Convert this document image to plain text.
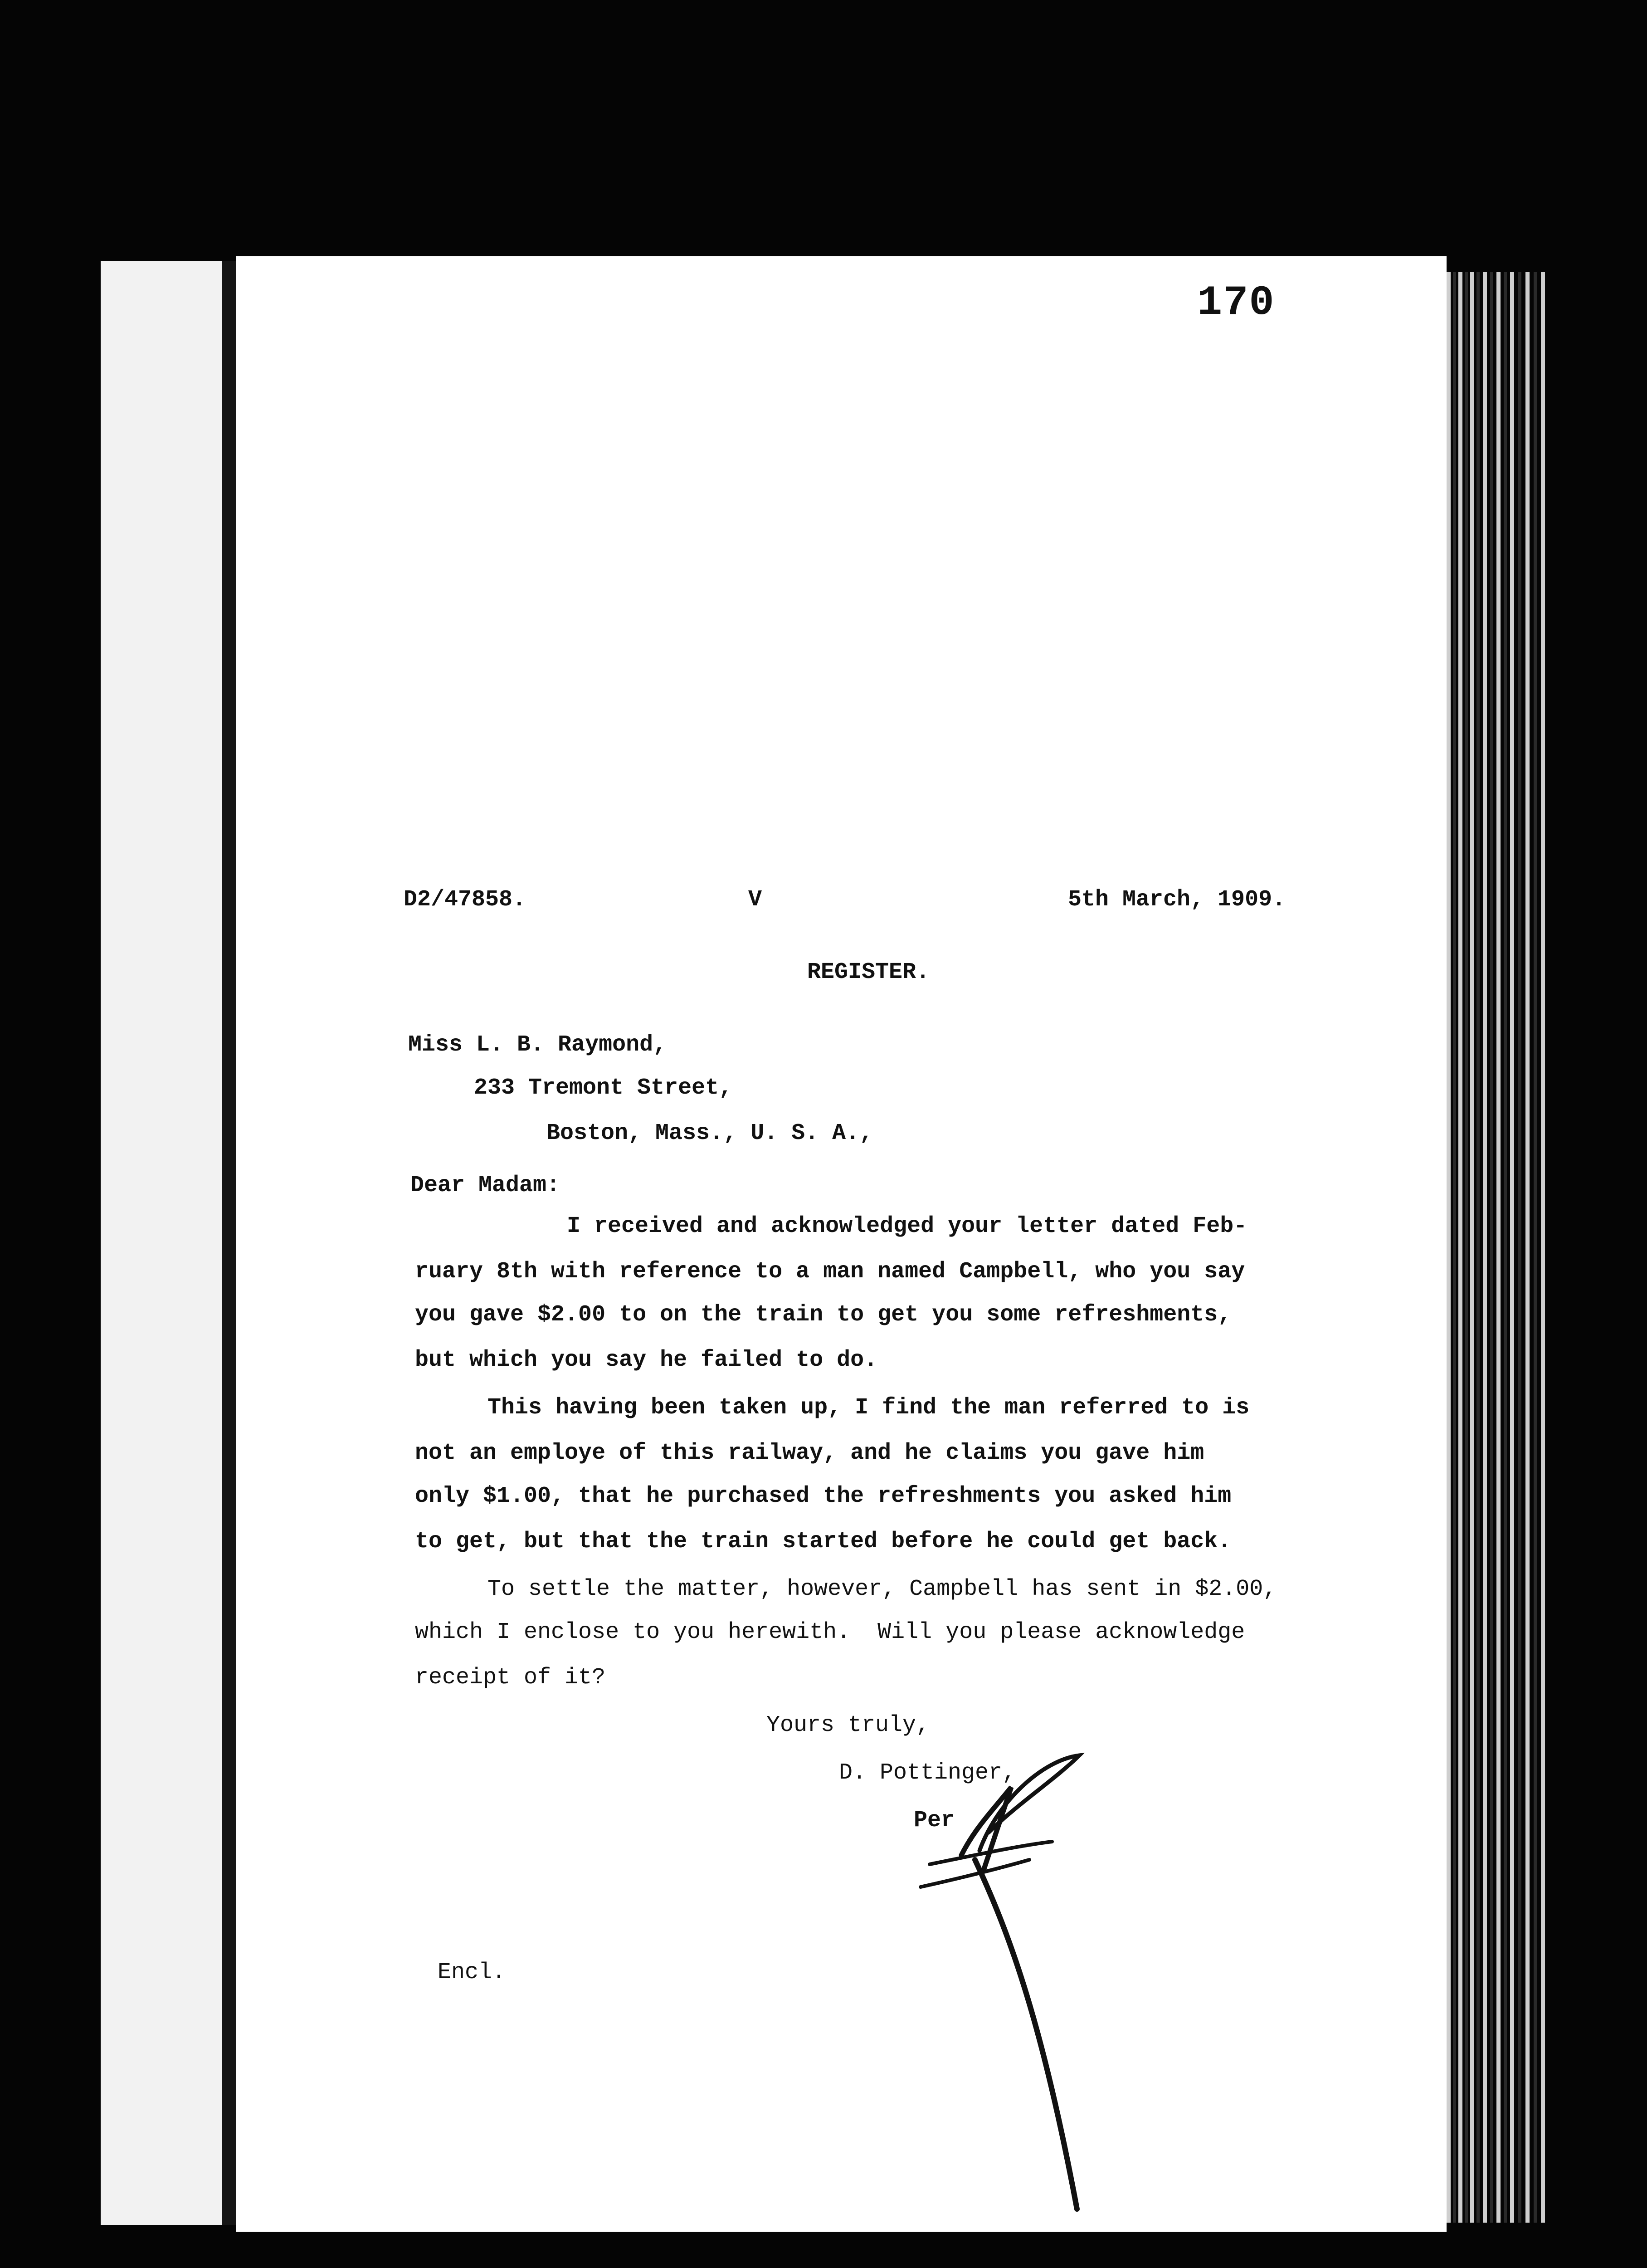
170
D2/47858.	V	5th March, 1909.
REGISTER.
Miss L. B. Raymond,
233 Tremont Street,
Boston, Mass., U. S. A.,
Dear Madam:
I received and acknowledged your letter dated Feb-
ruary 8th with reference to a man named Campbell, who you say
you gave $2.00 to on the train to get you some refreshments,
but which you say he failed to do.
This having been taken up, I find the man referred to is
not an employe of this railway, and he claims you gave him
only $1.00, that he purchased the refreshments you asked him
to get, but that the train started before he could get back.
To settle the matter, however, Campbell has sent in $2.00,
which I enclose to you herewith.  Will you please acknowledge
receipt of it?
Yours truly,
D. Pottinger,
Per
Encl.
